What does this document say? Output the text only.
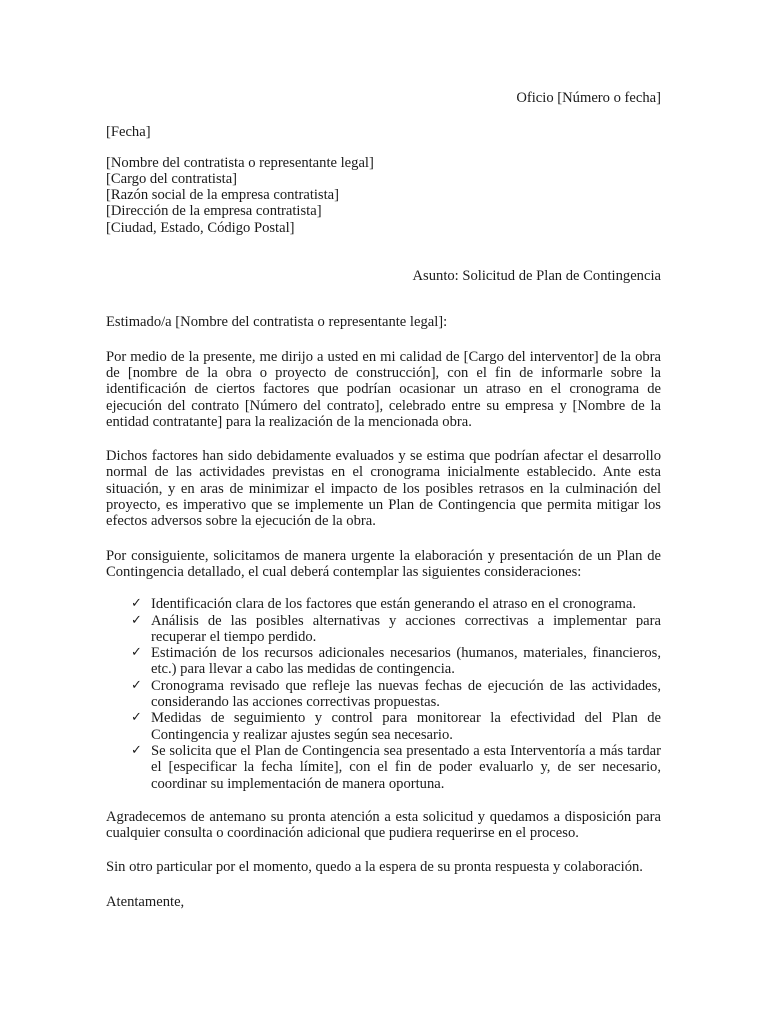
Oficio [Número o fecha]

[Fecha]

[Nombre del contratista o representante legal]

[Cargo del contratista]

[Razón social de la empresa contratista]

[Dirección de la empresa contratista]

[Ciudad, Estado, Código Postal]

Asunto: Solicitud de Plan de Contingencia

Estimado/a [Nombre del contratista o representante legal]:

Por medio de la presente, me dirijo a usted en mi calidad de [Cargo del interventor] de la obra de [nombre de la obra o proyecto de construcción], con el fin de informarle sobre la identificación de ciertos factores que podrían ocasionar un atraso en el cronograma de ejecución del contrato [Número del contrato], celebrado entre su empresa y [Nombre de la entidad contratante] para la realización de la mencionada obra.

Dichos factores han sido debidamente evaluados y se estima que podrían afectar el desarrollo normal de las actividades previstas en el cronograma inicialmente establecido. Ante esta situación, y en aras de minimizar el impacto de los posibles retrasos en la culminación del proyecto, es imperativo que se implemente un Plan de Contingencia que permita mitigar los efectos adversos sobre la ejecución de la obra.

Por consiguiente, solicitamos de manera urgente la elaboración y presentación de un Plan de Contingencia detallado, el cual deberá contemplar las siguientes consideraciones:

✓ Identificación clara de los factores que están generando el atraso en el cronograma.
✓ Análisis de las posibles alternativas y acciones correctivas a implementar para recuperar el tiempo perdido.
✓ Estimación de los recursos adicionales necesarios (humanos, materiales, financieros, etc.) para llevar a cabo las medidas de contingencia.
✓ Cronograma revisado que refleje las nuevas fechas de ejecución de las actividades, considerando las acciones correctivas propuestas.
✓ Medidas de seguimiento y control para monitorear la efectividad del Plan de Contingencia y realizar ajustes según sea necesario.
✓ Se solicita que el Plan de Contingencia sea presentado a esta Interventoría a más tardar el [especificar la fecha límite], con el fin de poder evaluarlo y, de ser necesario, coordinar su implementación de manera oportuna.

Agradecemos de antemano su pronta atención a esta solicitud y quedamos a disposición para cualquier consulta o coordinación adicional que pudiera requerirse en el proceso.

Sin otro particular por el momento, quedo a la espera de su pronta respuesta y colaboración.

Atentamente,
